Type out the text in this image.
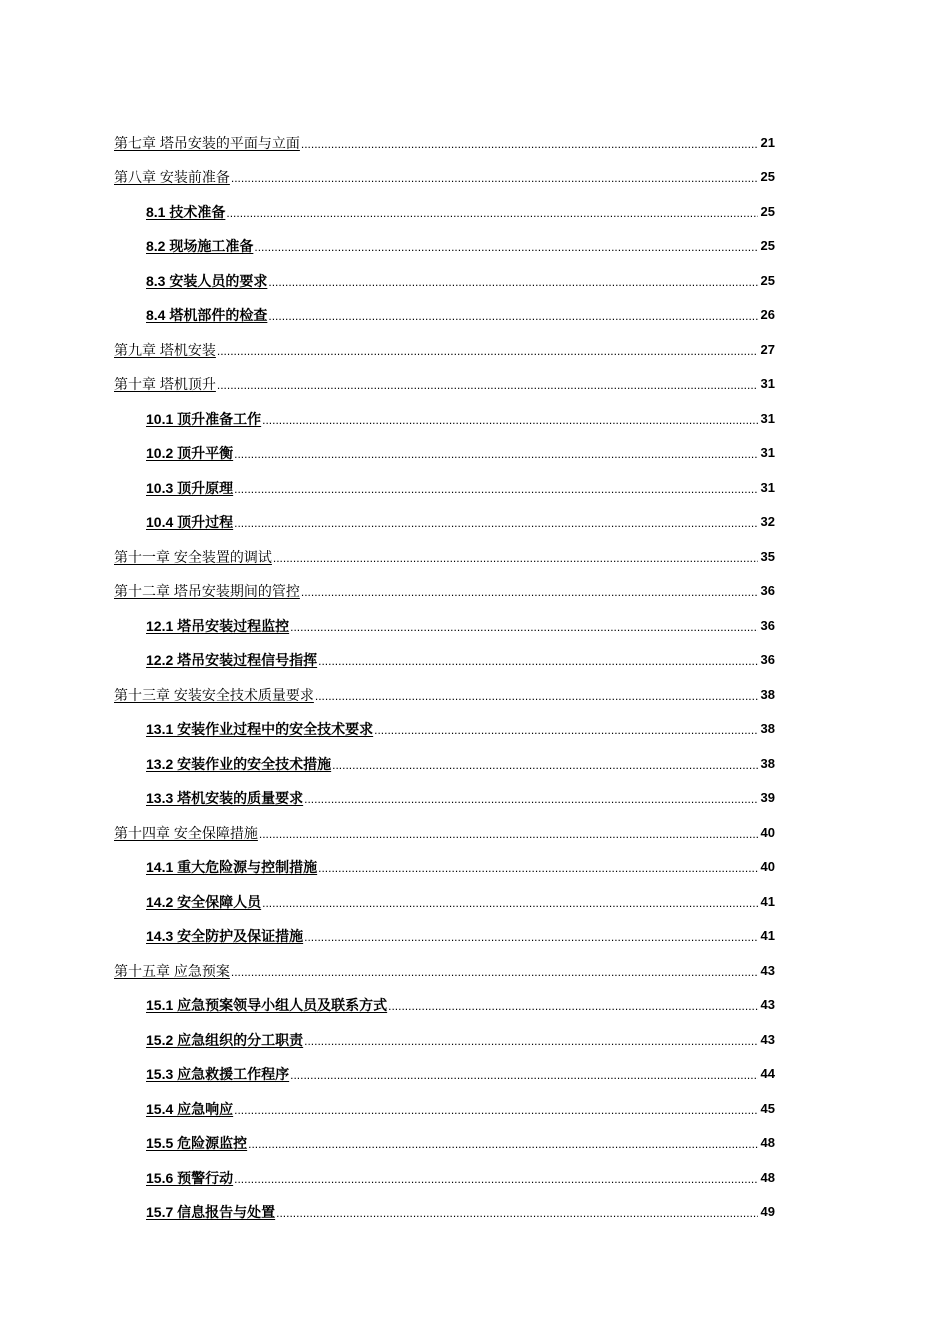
第七章 塔吊安装的平面与立面 .....	21
第八章 安装前准备 .....	25
8.1 技术准备 .....	25
8.2 现场施工准备 .....	25
8.3 安装人员的要求 .....	25
8.4 塔机部件的检查 .....	26
第九章 塔机安装 .....	27
第十章 塔机顶升 .....	31
10.1 顶升准备工作 .....	31
10.2 顶升平衡 .....	31
10.3 顶升原理 .....	31
10.4 顶升过程 .....	32
第十一章 安全装置的调试 .....	35
第十二章 塔吊安装期间的管控 .....	36
12.1 塔吊安装过程监控 .....	36
12.2 塔吊安装过程信号指挥 .....	36
第十三章 安装安全技术质量要求 .....	38
13.1 安装作业过程中的安全技术要求 .....	38
13.2 安装作业的安全技术措施 .....	38
13.3 塔机安装的质量要求 .....	39
第十四章 安全保障措施 .....	40
14.1 重大危险源与控制措施 .....	40
14.2 安全保障人员 .....	41
14.3 安全防护及保证措施 .....	41
第十五章 应急预案 .....	43
15.1 应急预案领导小组人员及联系方式 .....	43
15.2 应急组织的分工职责 .....	43
15.3 应急救援工作程序 .....	44
15.4 应急响应 .....	45
15.5 危险源监控 .....	48
15.6 预警行动 .....	48
15.7 信息报告与处置 .....	49
